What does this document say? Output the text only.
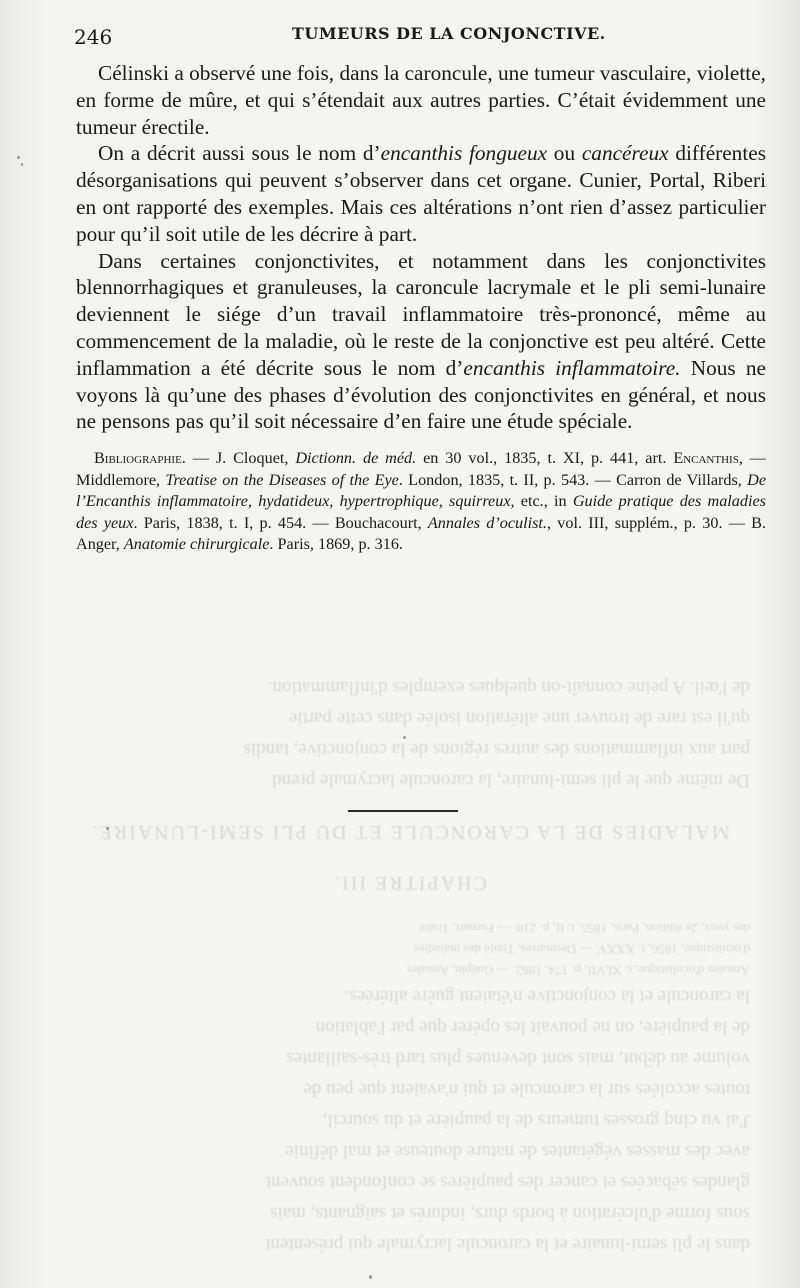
dans le pli semi-lunaire et la caroncule lacrymale qui présentent
sous forme d'ulcération à bords durs, indurés et saignants, mais
glandes sébacées et cancer des paupières se confondent souvent
avec des masses végétantes de nature douteuse et mal définie
J'ai vu cinq grosses tumeurs de la paupière et du sourcil,
toutes accolées sur la caroncule et qui n'avaient que peu de
volume au début, mais sont devenues plus tard très-saillantes
de la paupière, on ne pouvait les opérer que par l'ablation
la caroncule et la conjonctive n'étaient guère altérées.
Annales d'oculistique, t. XLVII, p. 174, 1862. — Guépin, Annales
d'oculistique, 1856, t. XXXV. — Desmarres, Traité des maladies
des yeux, 2e édition, Paris, 1855, t. II, p. 210. — Furnari, Traité
CHAPITRE III.
MALADIES DE LA CARONCULE ET DU PLI SEMI-LUNAIRE.
De même que le pli semi-lunaire, la caroncule lacrymale prend
part aux inflammations des autres régions de la conjonctive, tandis
qu'il est rare de trouver une altération isolée dans cette partie
de l'œil. A peine connaît-on quelques exemples d'inflammation.
246	TUMEURS DE LA CONJONCTIVE.

Célinski a observé une fois, dans la caroncule, une tumeur vasculaire, violette, en forme de mûre, et qui s’étendait aux autres parties. C’était évidemment une tumeur érectile.

On a décrit aussi sous le nom d’encanthis fongueux ou cancéreux différentes désorganisations qui peuvent s’observer dans cet organe. Cunier, Portal, Riberi en ont rapporté des exemples. Mais ces altérations n’ont rien d’assez particulier pour qu’il soit utile de les décrire à part.

Dans certaines conjonctivites, et notamment dans les conjonctivites blennorrhagiques et granuleuses, la caroncule lacrymale et le pli semi-lunaire deviennent le siége d’un travail inflammatoire très-prononcé, même au commencement de la maladie, où le reste de la conjonctive est peu altéré. Cette inflammation a été décrite sous le nom d’encanthis inflammatoire. Nous ne voyons là qu’une des phases d’évolution des conjonctivites en général, et nous ne pensons pas qu’il soit nécessaire d’en faire une étude spéciale.

Bibliographie. — J. Cloquet, Dictionn. de méd. en 30 vol., 1835, t. XI, p. 441, art. Encanthis, — Middlemore, Treatise on the Diseases of the Eye. London, 1835, t. II, p. 543. — Carron de Villards, De l’Encanthis inflammatoire, hydatideux, hypertrophique, squirreux, etc., in Guide pratique des maladies des yeux. Paris, 1838, t. I, p. 454. — Bouchacourt, Annales d’oculist., vol. III, supplém., p. 30. — B. Anger, Anatomie chirurgicale. Paris, 1869, p. 316.
